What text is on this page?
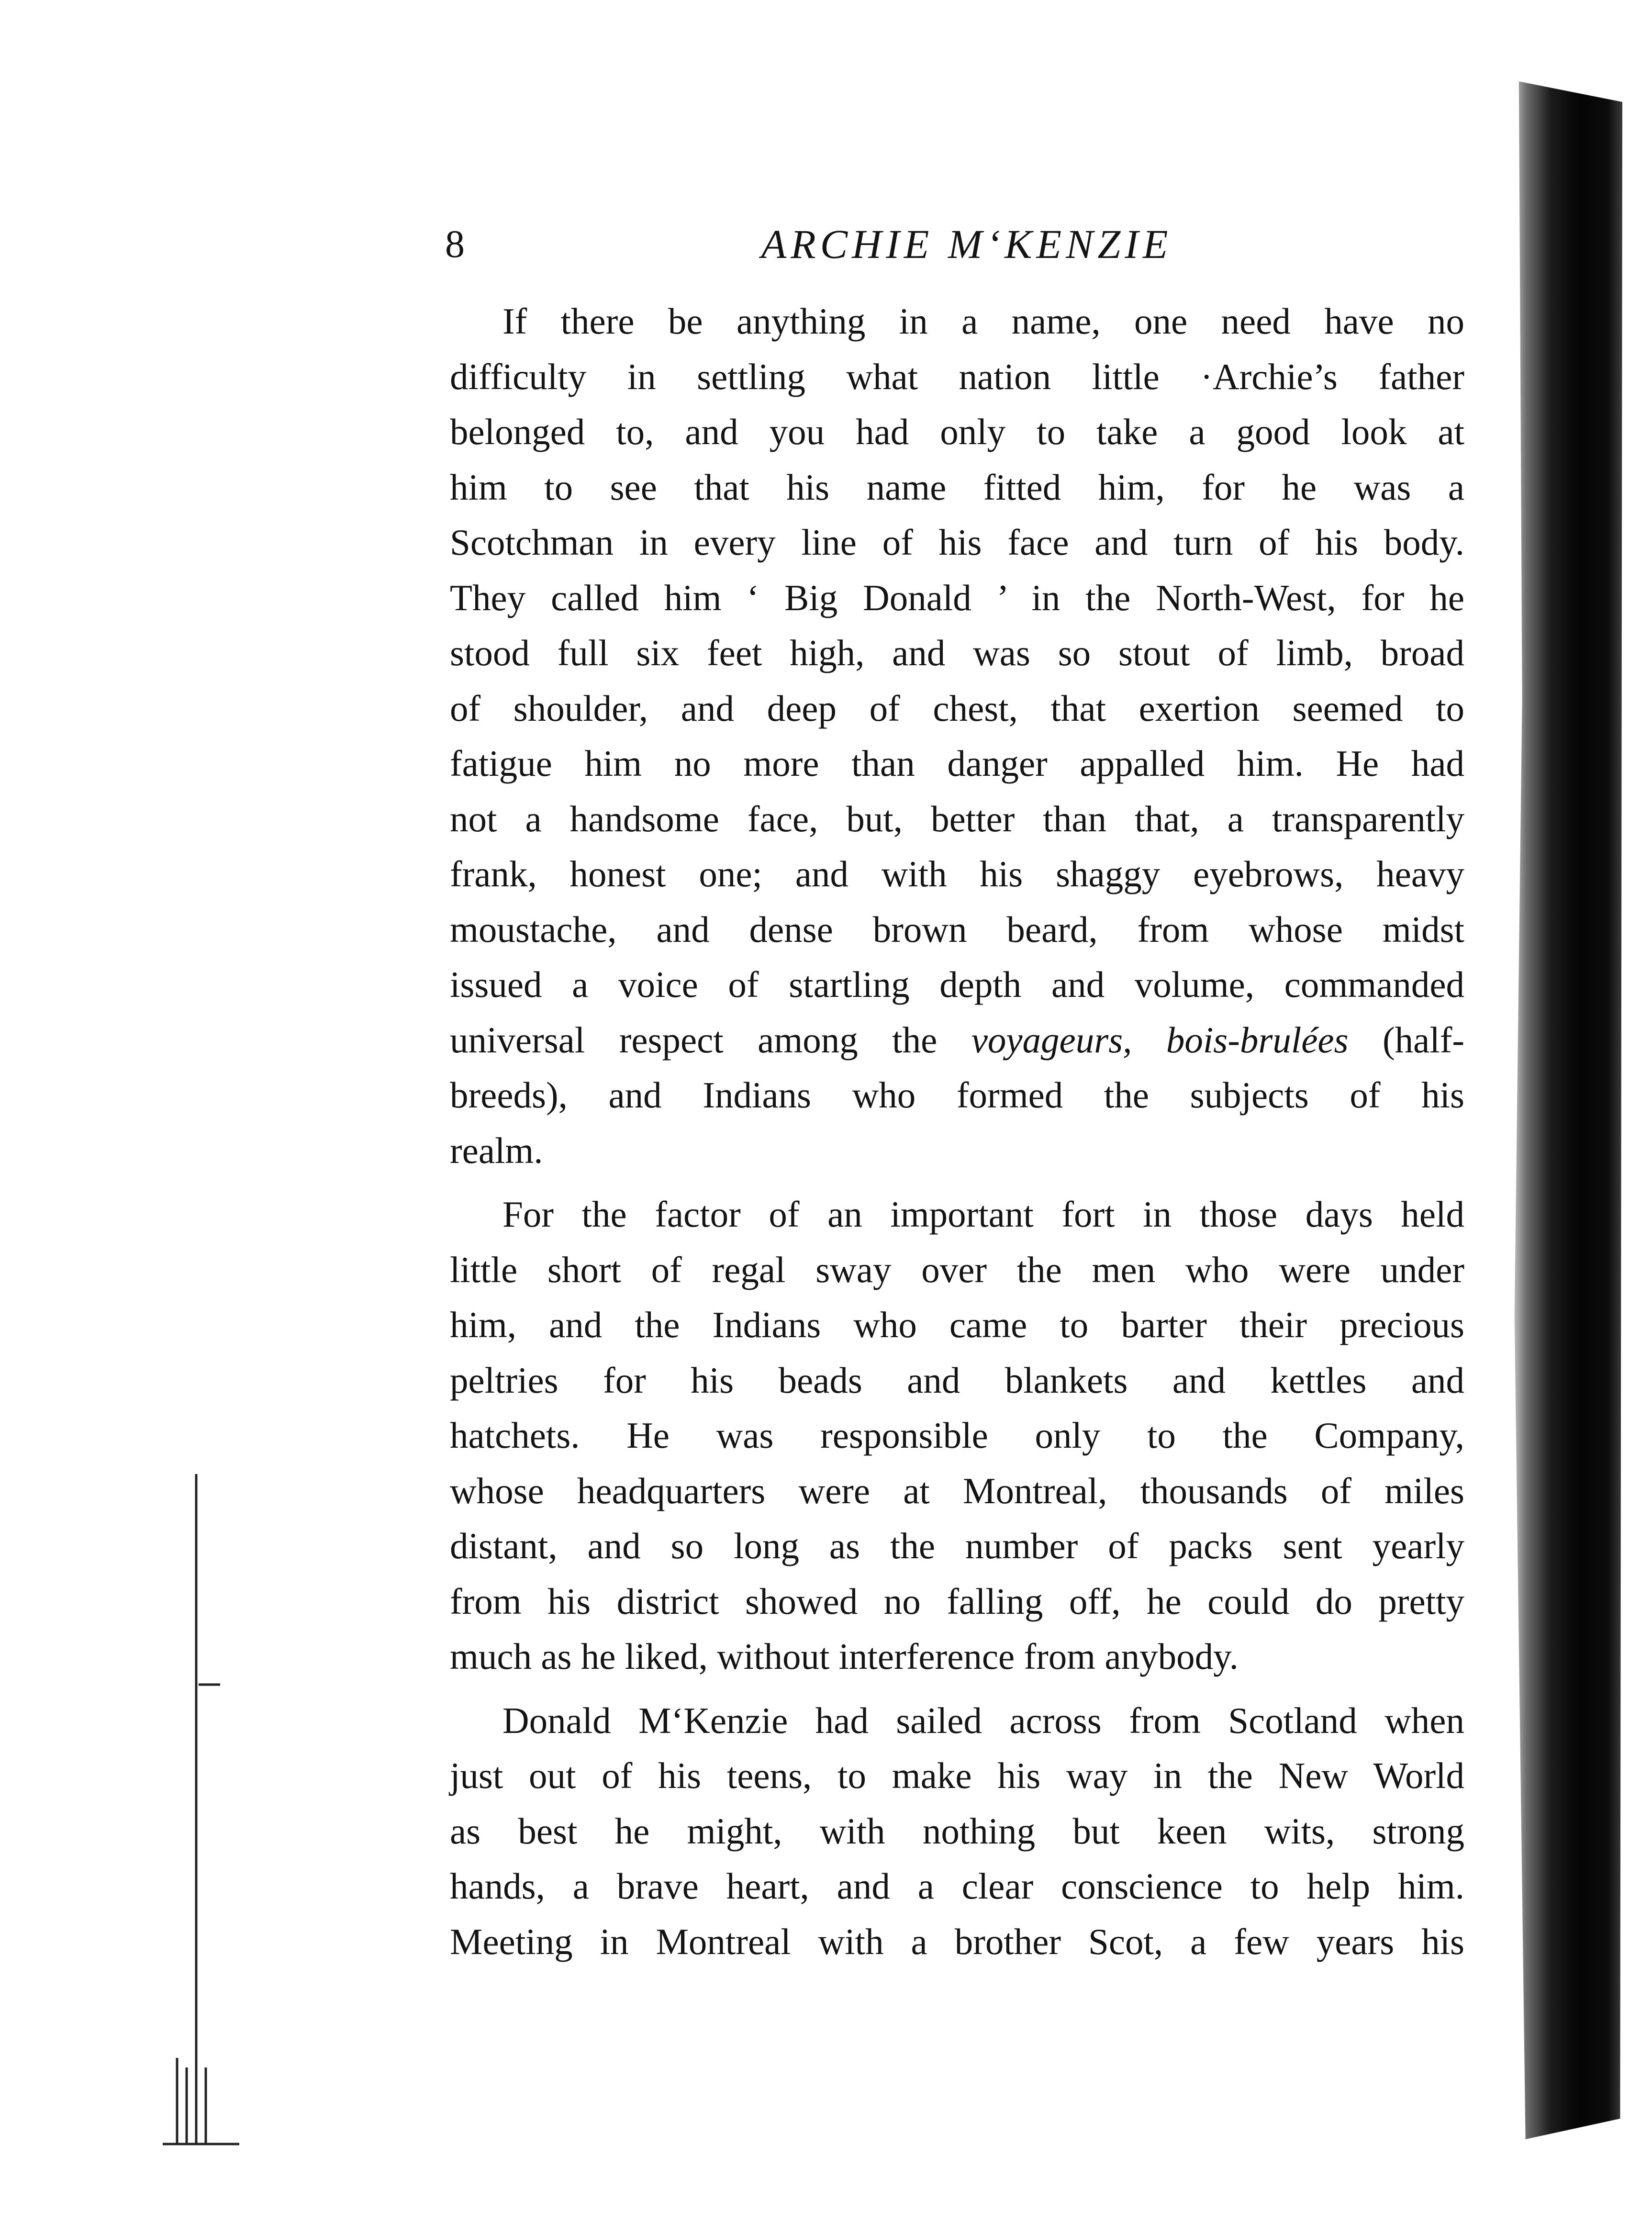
8	ARCHIE M‘KENZIE

If there be anything in a name, one need have no
difficulty in settling what nation little ·Archie’s father
belonged to, and you had only to take a good look at
him to see that his name fitted him, for he was a
Scotchman in every line of his face and turn of his body.
They called him ‘ Big Donald ’ in the North-West, for he
stood full six feet high, and was so stout of limb, broad
of shoulder, and deep of chest, that exertion seemed to
fatigue him no more than danger appalled him. He had
not a handsome face, but, better than that, a transparently
frank, honest one; and with his shaggy eyebrows, heavy
moustache, and dense brown beard, from whose midst
issued a voice of startling depth and volume, commanded
universal respect among the voyageurs, bois-brulées (half-
breeds), and Indians who formed the subjects of his
realm.

For the factor of an important fort in those days held
little short of regal sway over the men who were under
him, and the Indians who came to barter their precious
peltries for his beads and blankets and kettles and
hatchets. He was responsible only to the Company,
whose headquarters were at Montreal, thousands of miles
distant, and so long as the number of packs sent yearly
from his district showed no falling off, he could do pretty
much as he liked, without interference from anybody.

Donald M‘Kenzie had sailed across from Scotland when
just out of his teens, to make his way in the New World
as best he might, with nothing but keen wits, strong
hands, a brave heart, and a clear conscience to help him.
Meeting in Montreal with a brother Scot, a few years his
